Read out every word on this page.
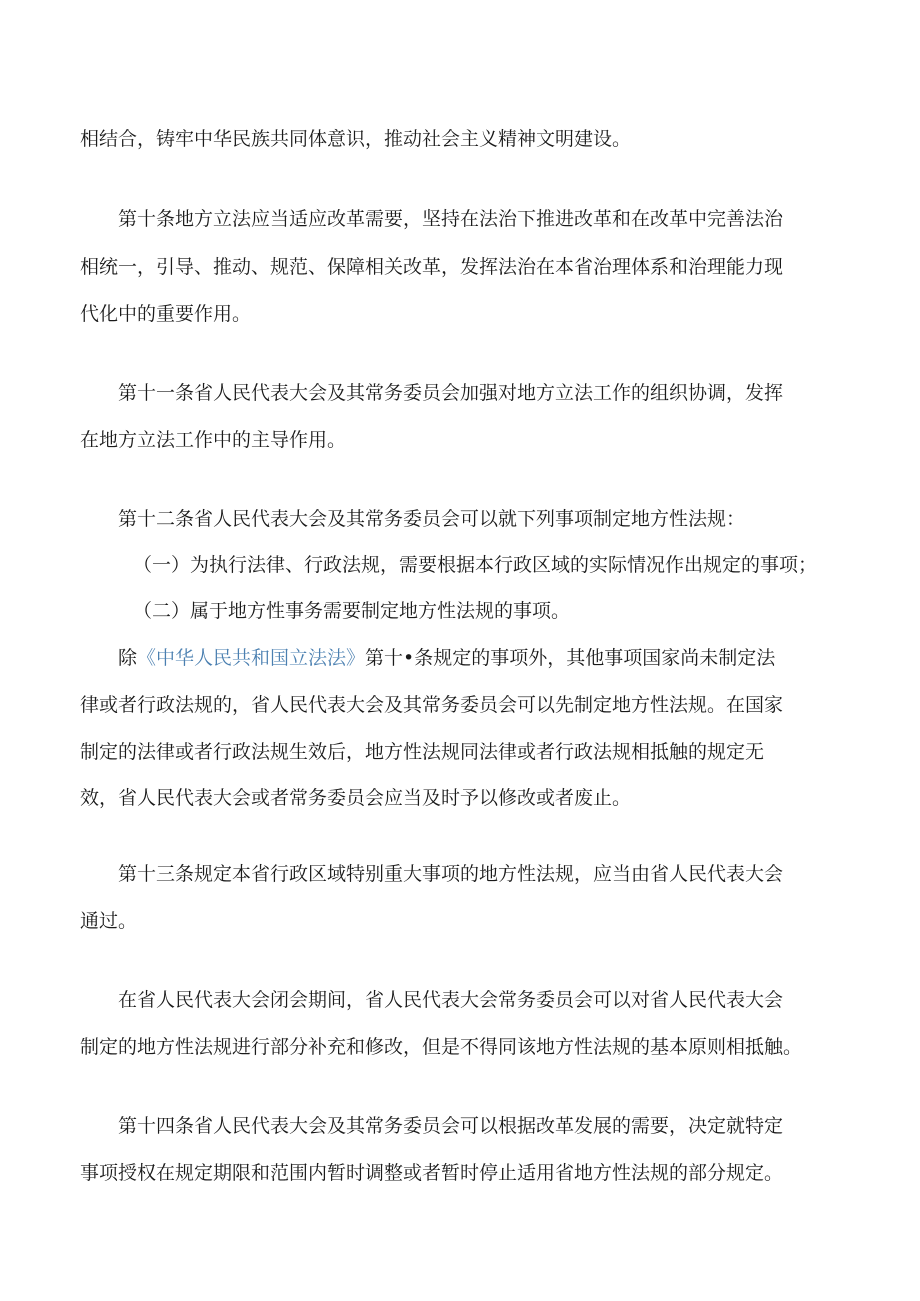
相结合，铸牢中华民族共同体意识，推动社会主义精神文明建设。

第十条地方立法应当适应改革需要，坚持在法治下推进改革和在改革中完善法治

相统一，引导、推动、规范、保障相关改革，发挥法治在本省治理体系和治理能力现

代化中的重要作用。

第十一条省人民代表大会及其常务委员会加强对地方立法工作的组织协调，发挥

在地方立法工作中的主导作用。

第十二条省人民代表大会及其常务委员会可以就下列事项制定地方性法规：

（一）为执行法律、行政法规，需要根据本行政区域的实际情况作出规定的事项；

（二）属于地方性事务需要制定地方性法规的事项。

除《中华人民共和国立法法》第十•条规定的事项外，其他事项国家尚未制定法

律或者行政法规的，省人民代表大会及其常务委员会可以先制定地方性法规。在国家

制定的法律或者行政法规生效后，地方性法规同法律或者行政法规相抵触的规定无

效，省人民代表大会或者常务委员会应当及时予以修改或者废止。

第十三条规定本省行政区域特别重大事项的地方性法规，应当由省人民代表大会

通过。

在省人民代表大会闭会期间，省人民代表大会常务委员会可以对省人民代表大会

制定的地方性法规进行部分补充和修改，但是不得同该地方性法规的基本原则相抵触。

第十四条省人民代表大会及其常务委员会可以根据改革发展的需要，决定就特定

事项授权在规定期限和范围内暂时调整或者暂时停止适用省地方性法规的部分规定。
